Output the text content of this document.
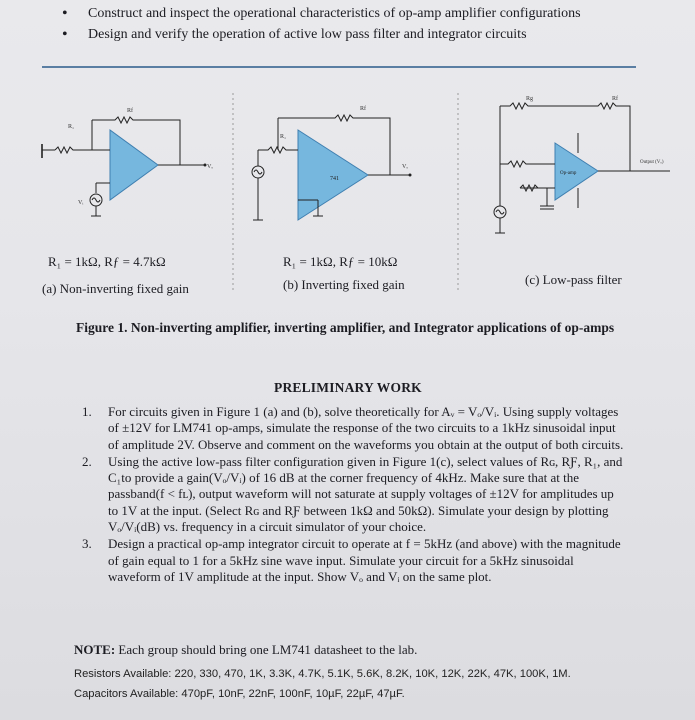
• Construct and inspect the operational characteristics of op-amp amplifier configurations
• Design and verify the operation of active low pass filter and integrator circuits
R₁
Rf
Vₒ
Vᵢ
741
R₁
Rf
Vₒ
Op-amp
Output (Vₒ)
Rg	Rf
R₁ = 1kΩ, Rƒ = 4.7kΩ	R₁ = 1kΩ, Rƒ = 10kΩ
(a) Non-inverting fixed gain	(b) Inverting fixed gain	(c) Low-pass filter
Figure 1. Non-inverting amplifier, inverting amplifier, and Integrator applications of op-amps
PRELIMINARY WORK
1. For circuits given in Figure 1 (a) and (b), solve theoretically for Aᵥ = Vₒ/Vᵢ. Using supply voltages of ±12V for LM741 op-amps, simulate the response of the two circuits to a 1kHz sinusoidal input of amplitude 2V. Observe and comment on the waveforms you obtain at the output of both circuits.
2. Using the active low-pass filter configuration given in Figure 1(c), select values of Rɢ, RƑ, R₁, and C₁to provide a gain(Vₒ/Vᵢ) of 16 dB at the corner frequency of 4kHz. Make sure that at the passband(f < fʟ), output waveform will not saturate at supply voltages of ±12V for amplitudes up to 1V at the input. (Select Rɢ and RƑ between 1kΩ and 50kΩ). Simulate your design by plotting Vₒ/Vᵢ(dB) vs. frequency in a circuit simulator of your choice.
3. Design a practical op-amp integrator circuit to operate at f = 5kHz (and above) with the magnitude of gain equal to 1 for a 5kHz sine wave input. Simulate your circuit for a 5kHz sinusoidal waveform of 1V amplitude at the input. Show Vₒ and Vᵢ on the same plot.
NOTE: Each group should bring one LM741 datasheet to the lab.
Resistors Available: 220, 330, 470, 1K, 3.3K, 4.7K, 5.1K, 5.6K, 8.2K, 10K, 12K, 22K, 47K, 100K, 1M.
Capacitors Available: 470pF, 10nF, 22nF, 100nF, 10µF, 22µF, 47µF.
